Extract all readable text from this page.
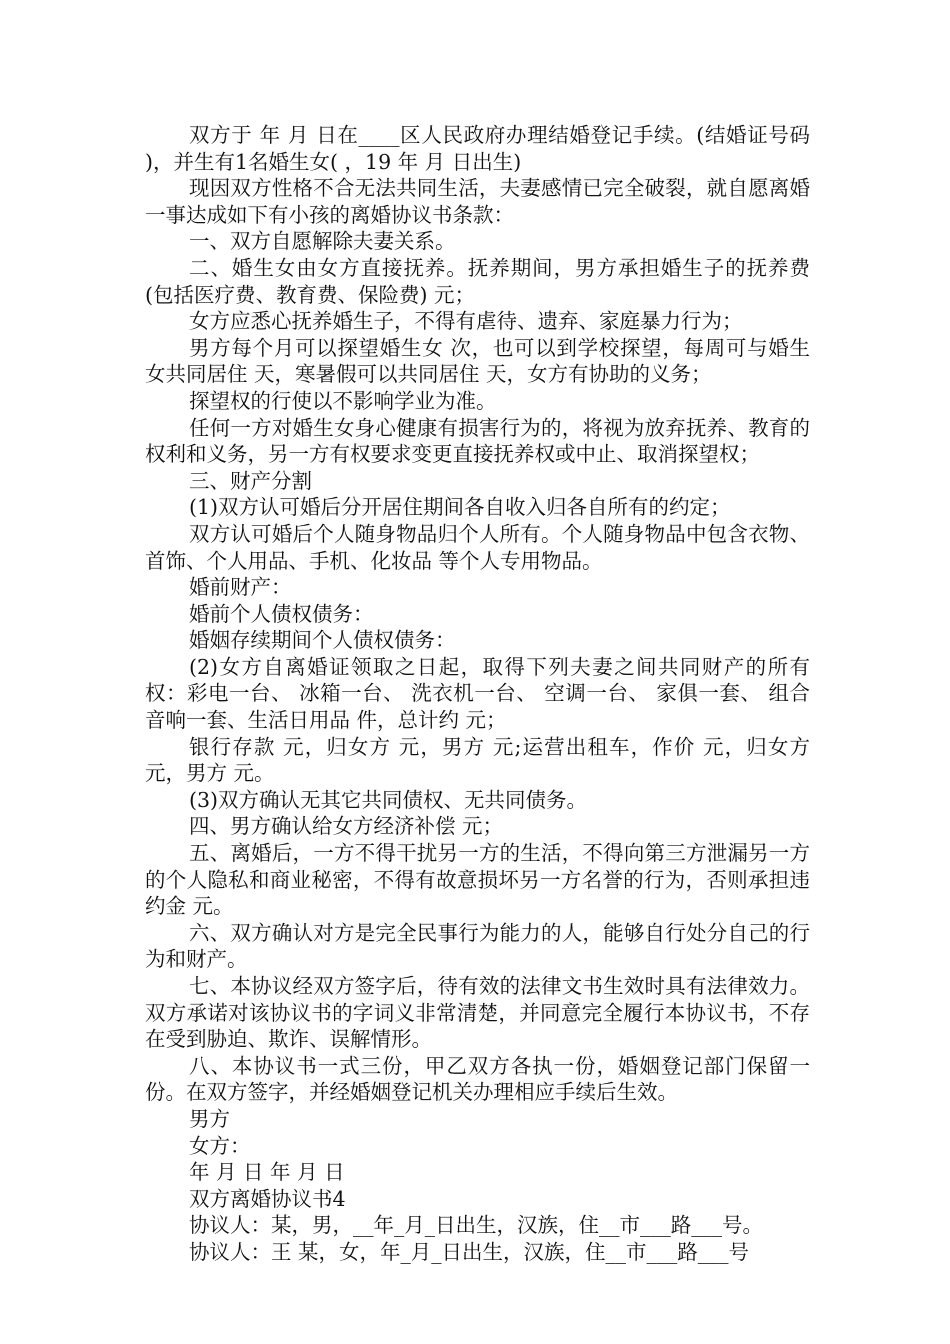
双方于 年 月 日在____区人民政府办理结婚登记手续。(结婚证号码 )，并生有1名婚生女( ，19 年 月 日出生)

现因双方性格不合无法共同生活，夫妻感情已完全破裂，就自愿离婚一事达成如下有小孩的离婚协议书条款：

一、双方自愿解除夫妻关系。

二、婚生女由女方直接抚养。抚养期间，男方承担婚生子的抚养费(包括医疗费、教育费、保险费) 元；

女方应悉心抚养婚生子，不得有虐待、遗弃、家庭暴力行为；

男方每个月可以探望婚生女 次，也可以到学校探望，每周可与婚生女共同居住 天，寒暑假可以共同居住 天，女方有协助的义务；

探望权的行使以不影响学业为准。

任何一方对婚生女身心健康有损害行为的，将视为放弃抚养、教育的权利和义务，另一方有权要求变更直接抚养权或中止、取消探望权；

三、财产分割

(1)双方认可婚后分开居住期间各自收入归各自所有的约定；

双方认可婚后个人随身物品归个人所有。个人随身物品中包含衣物、首饰、个人用品、手机、化妆品 等个人专用物品。

婚前财产：

婚前个人债权债务：

婚姻存续期间个人债权债务：

(2)女方自离婚证领取之日起，取得下列夫妻之间共同财产的所有权：彩电一台、 冰箱一台、 洗衣机一台、 空调一台、 家俱一套、 组合音响一套、生活日用品 件，总计约 元；

银行存款 元，归女方 元，男方 元;运营出租车，作价 元，归女方 元，男方 元。

(3)双方确认无其它共同债权、无共同债务。

四、男方确认给女方经济补偿 元；

五、离婚后，一方不得干扰另一方的生活，不得向第三方泄漏另一方的个人隐私和商业秘密，不得有故意损坏另一方名誉的行为，否则承担违约金 元。

六、双方确认对方是完全民事行为能力的人，能够自行处分自己的行为和财产。

七、本协议经双方签字后，待有效的法律文书生效时具有法律效力。双方承诺对该协议书的字词义非常清楚，并同意完全履行本协议书，不存在受到胁迫、欺诈、误解情形。

八、本协议书一式三份，甲乙双方各执一份，婚姻登记部门保留一份。在双方签字，并经婚姻登记机关办理相应手续后生效。

男方

女方：

年 月 日 年 月 日

双方离婚协议书4

协议人：某，男，__年_月_日出生，汉族，住__市___路___号。

协议人：王 某，女，年_月_日出生，汉族，住__市___路___号
